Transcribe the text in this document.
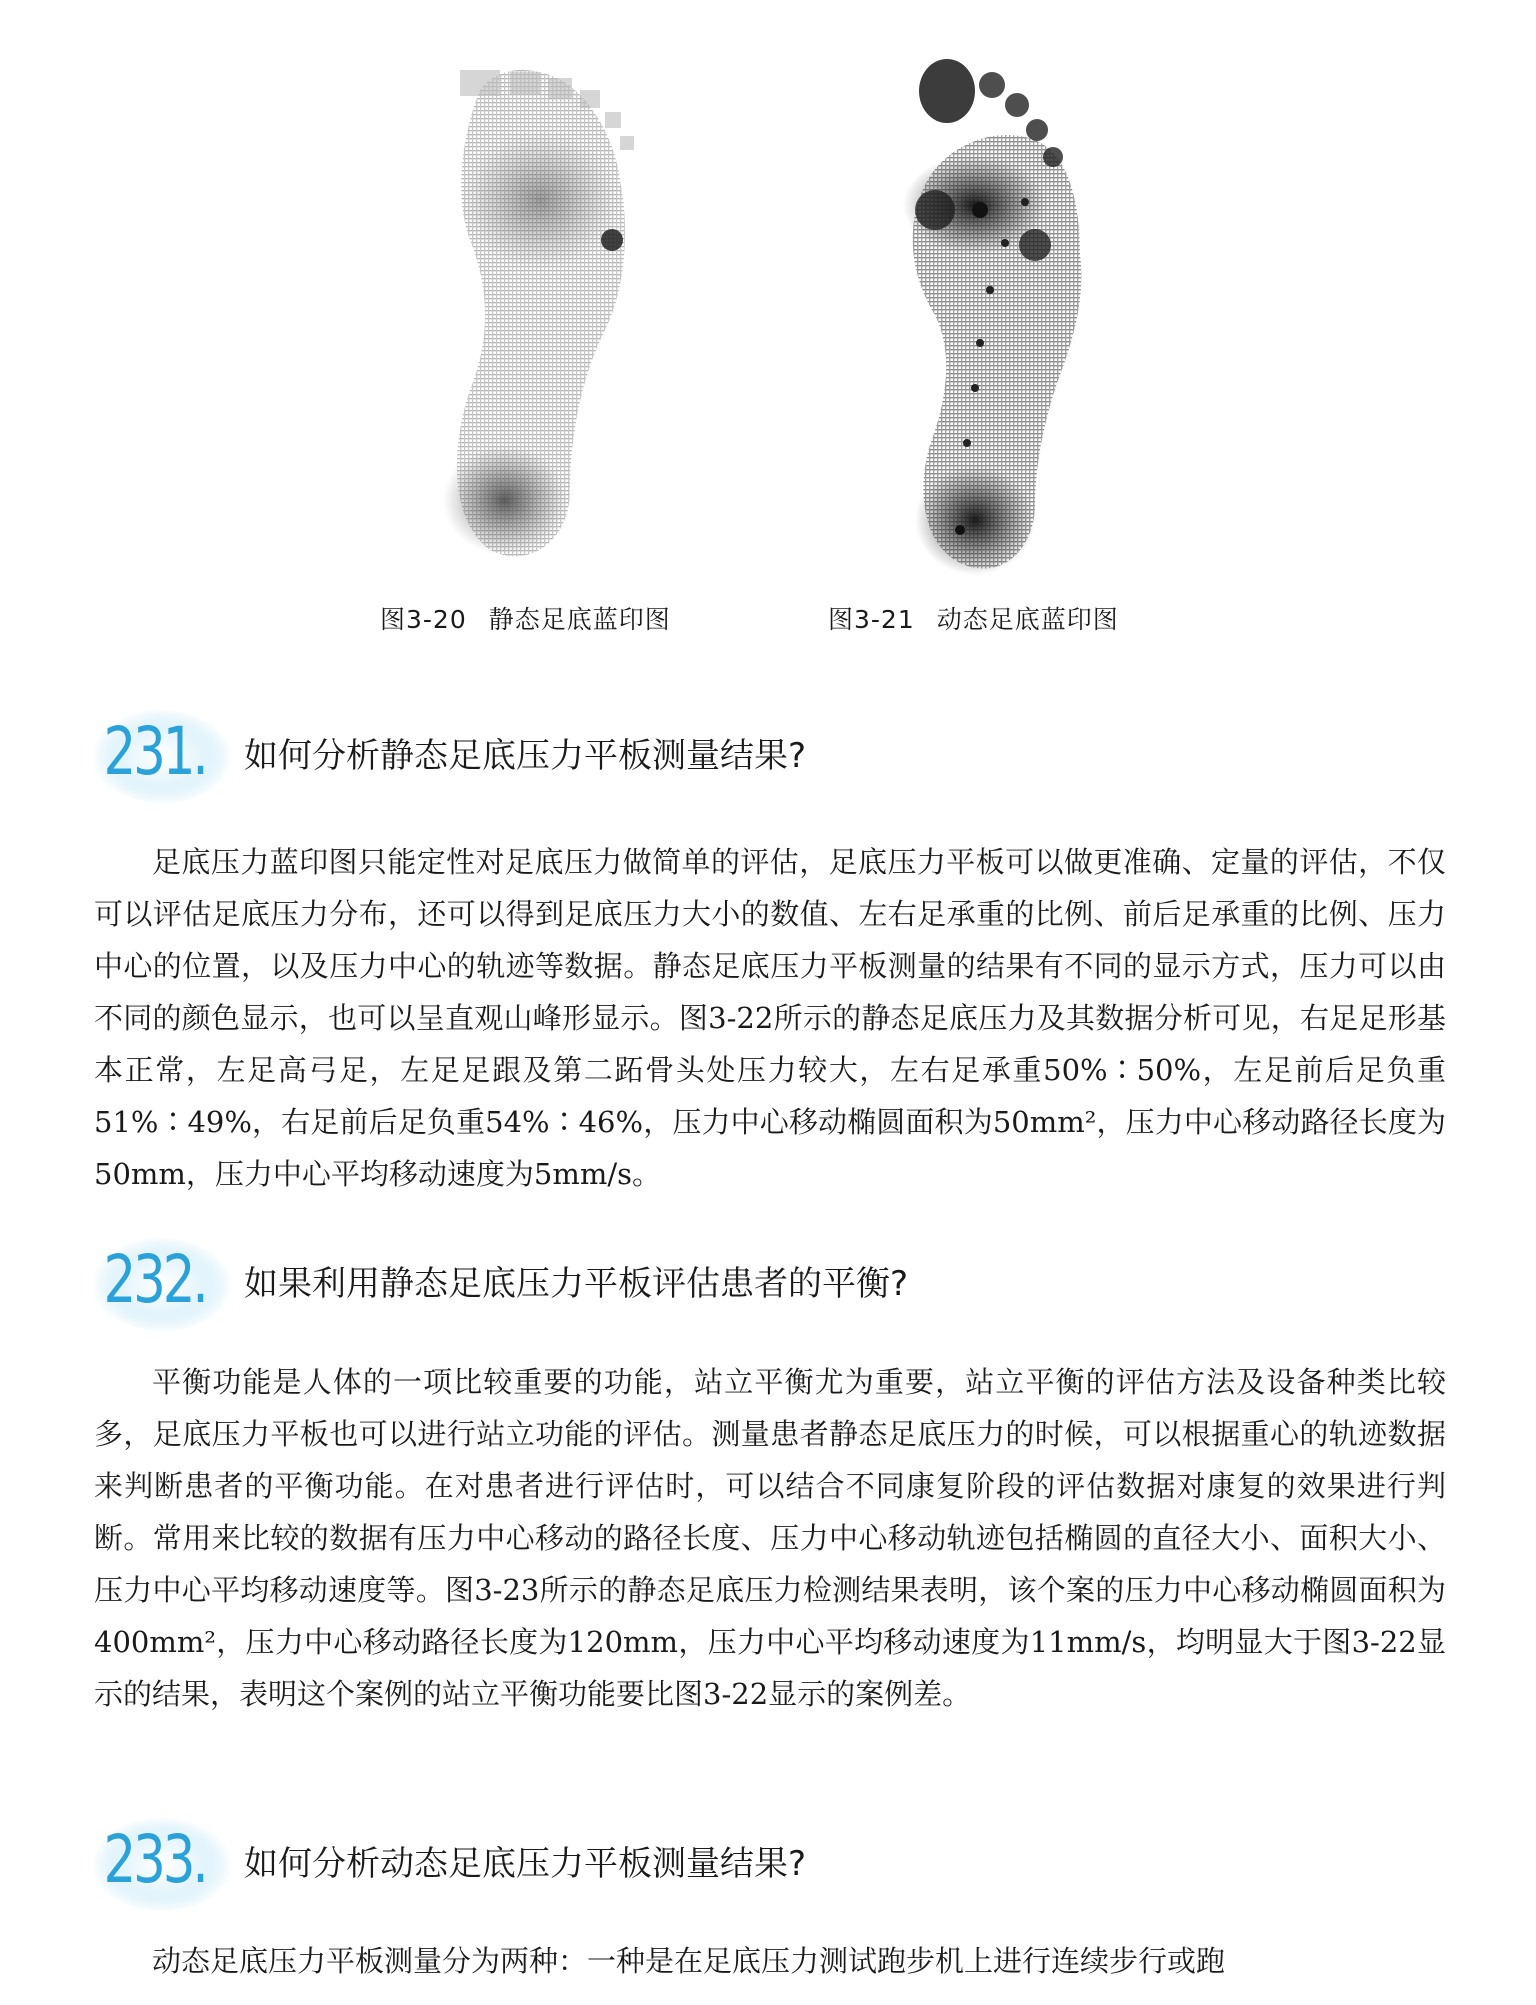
图3-20 静态足底蓝印图	图3-21 动态足底蓝印图
231. 如何分析静态足底压力平板测量结果?

足底压力蓝印图只能定性对足底压力做简单的评估，足底压力平板可以做更准确、定量的评估，不仅可以评估足底压力分布，还可以得到足底压力大小的数值、左右足承重的比例、前后足承重的比例、压力中心的位置，以及压力中心的轨迹等数据。静态足底压力平板测量的结果有不同的显示方式，压力可以由不同的颜色显示，也可以呈直观山峰形显示。图3-22所示的静态足底压力及其数据分析可见，右足足形基本正常，左足高弓足，左足足跟及第二跖骨头处压力较大，左右足承重50%∶50%，左足前后足负重51%∶49%，右足前后足负重54%∶46%，压力中心移动椭圆面积为50mm²，压力中心移动路径长度为50mm，压力中心平均移动速度为5mm/s。

232. 如果利用静态足底压力平板评估患者的平衡?

平衡功能是人体的一项比较重要的功能，站立平衡尤为重要，站立平衡的评估方法及设备种类比较多，足底压力平板也可以进行站立功能的评估。测量患者静态足底压力的时候，可以根据重心的轨迹数据来判断患者的平衡功能。在对患者进行评估时，可以结合不同康复阶段的评估数据对康复的效果进行判断。常用来比较的数据有压力中心移动的路径长度、压力中心移动轨迹包括椭圆的直径大小、面积大小、压力中心平均移动速度等。图3-23所示的静态足底压力检测结果表明，该个案的压力中心移动椭圆面积为400mm²，压力中心移动路径长度为120mm，压力中心平均移动速度为11mm/s，均明显大于图3-22显示的结果，表明这个案例的站立平衡功能要比图3-22显示的案例差。

233. 如何分析动态足底压力平板测量结果?

动态足底压力平板测量分为两种：一种是在足底压力测试跑步机上进行连续步行或跑
